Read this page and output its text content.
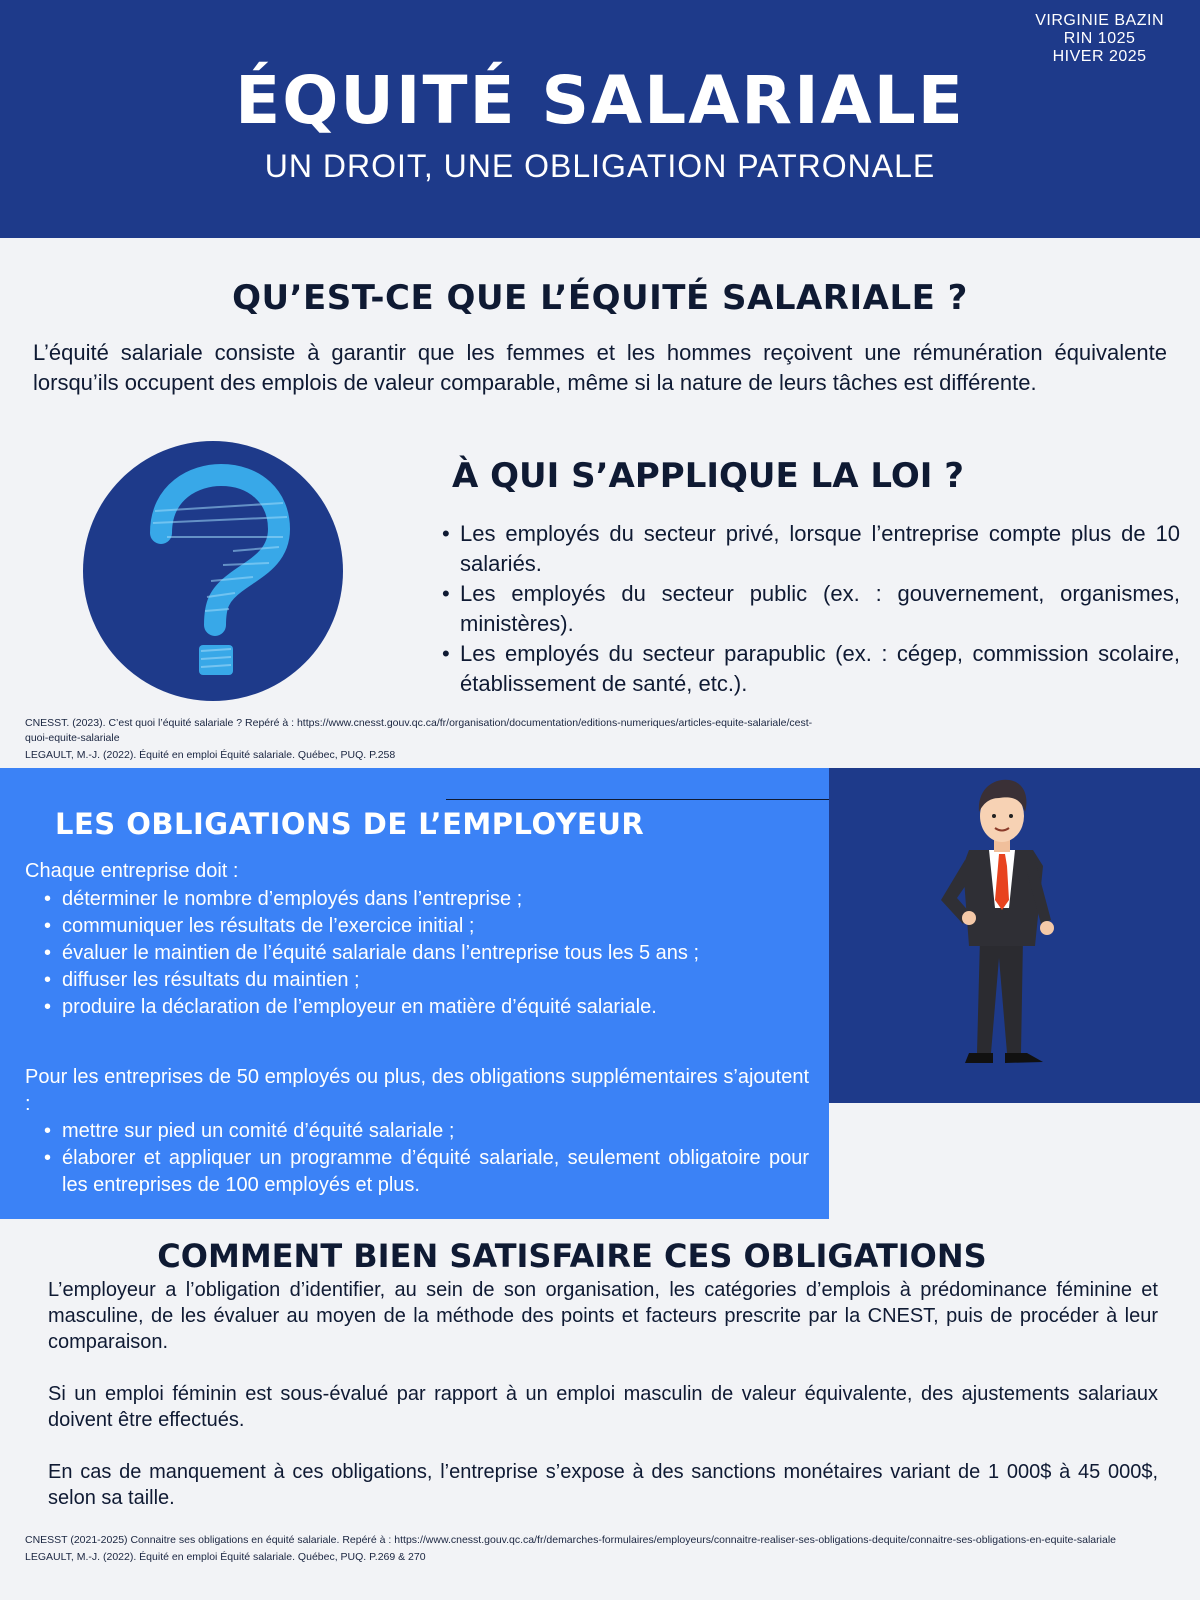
VIRGINIE BAZIN
RIN 1025
HIVER 2025
ÉQUITÉ SALARIALE
UN DROIT, UNE OBLIGATION PATRONALE
QU’EST-CE QUE L’ÉQUITÉ SALARIALE ?
L’équité salariale consiste à garantir que les femmes et les hommes reçoivent une rémunération équivalente lorsqu’ils occupent des emplois de valeur comparable, même si la nature de leurs tâches est différente.
À QUI S’APPLIQUE LA LOI ?
• Les employés du secteur privé, lorsque l’entreprise compte plus de 10 salariés.
• Les employés du secteur public (ex. : gouvernement, organismes, ministères).
• Les employés du secteur parapublic (ex. : cégep, commission scolaire, établissement de santé, etc.).

CNESST. (2023). C’est quoi l’équité salariale ? Repéré à : https://www.cnesst.gouv.qc.ca/fr/organisation/documentation/editions-numeriques/articles-equite-salariale/cest-quoi-equite-salariale

LEGAULT, M.-J. (2022). Équité en emploi Équité salariale. Québec, PUQ. P.258

LES OBLIGATIONS DE L’EMPLOYEUR
Chaque entreprise doit :
• déterminer le nombre d’employés dans l’entreprise ;
• communiquer les résultats de l’exercice initial ;
• évaluer le maintien de l’équité salariale dans l’entreprise tous les 5 ans ;
• diffuser les résultats du maintien ;
• produire la déclaration de l’employeur en matière d’équité salariale.
Pour les entreprises de 50 employés ou plus, des obligations supplémentaires s’ajoutent :
• mettre sur pied un comité d’équité salariale ;
• élaborer et appliquer un programme d’équité salariale, seulement obligatoire pour les entreprises de 100 employés et plus.
COMMENT BIEN SATISFAIRE CES OBLIGATIONS

L’employeur a l’obligation d’identifier, au sein de son organisation, les catégories d’emplois à prédominance féminine et masculine, de les évaluer au moyen de la méthode des points et facteurs prescrite par la CNEST, puis de procéder à leur comparaison.

Si un emploi féminin est sous-évalué par rapport à un emploi masculin de valeur équivalente, des ajustements salariaux doivent être effectués.

En cas de manquement à ces obligations, l’entreprise s’expose à des sanctions monétaires variant de 1 000$ à 45 000$, selon sa taille.

CNESST (2021-2025) Connaitre ses obligations en équité salariale. Repéré à : https://www.cnesst.gouv.qc.ca/fr/demarches-formulaires/employeurs/connaitre-realiser-ses-obligations-dequite/connaitre-ses-obligations-en-equite-salariale

LEGAULT, M.-J. (2022). Équité en emploi Équité salariale. Québec, PUQ. P.269 & 270
